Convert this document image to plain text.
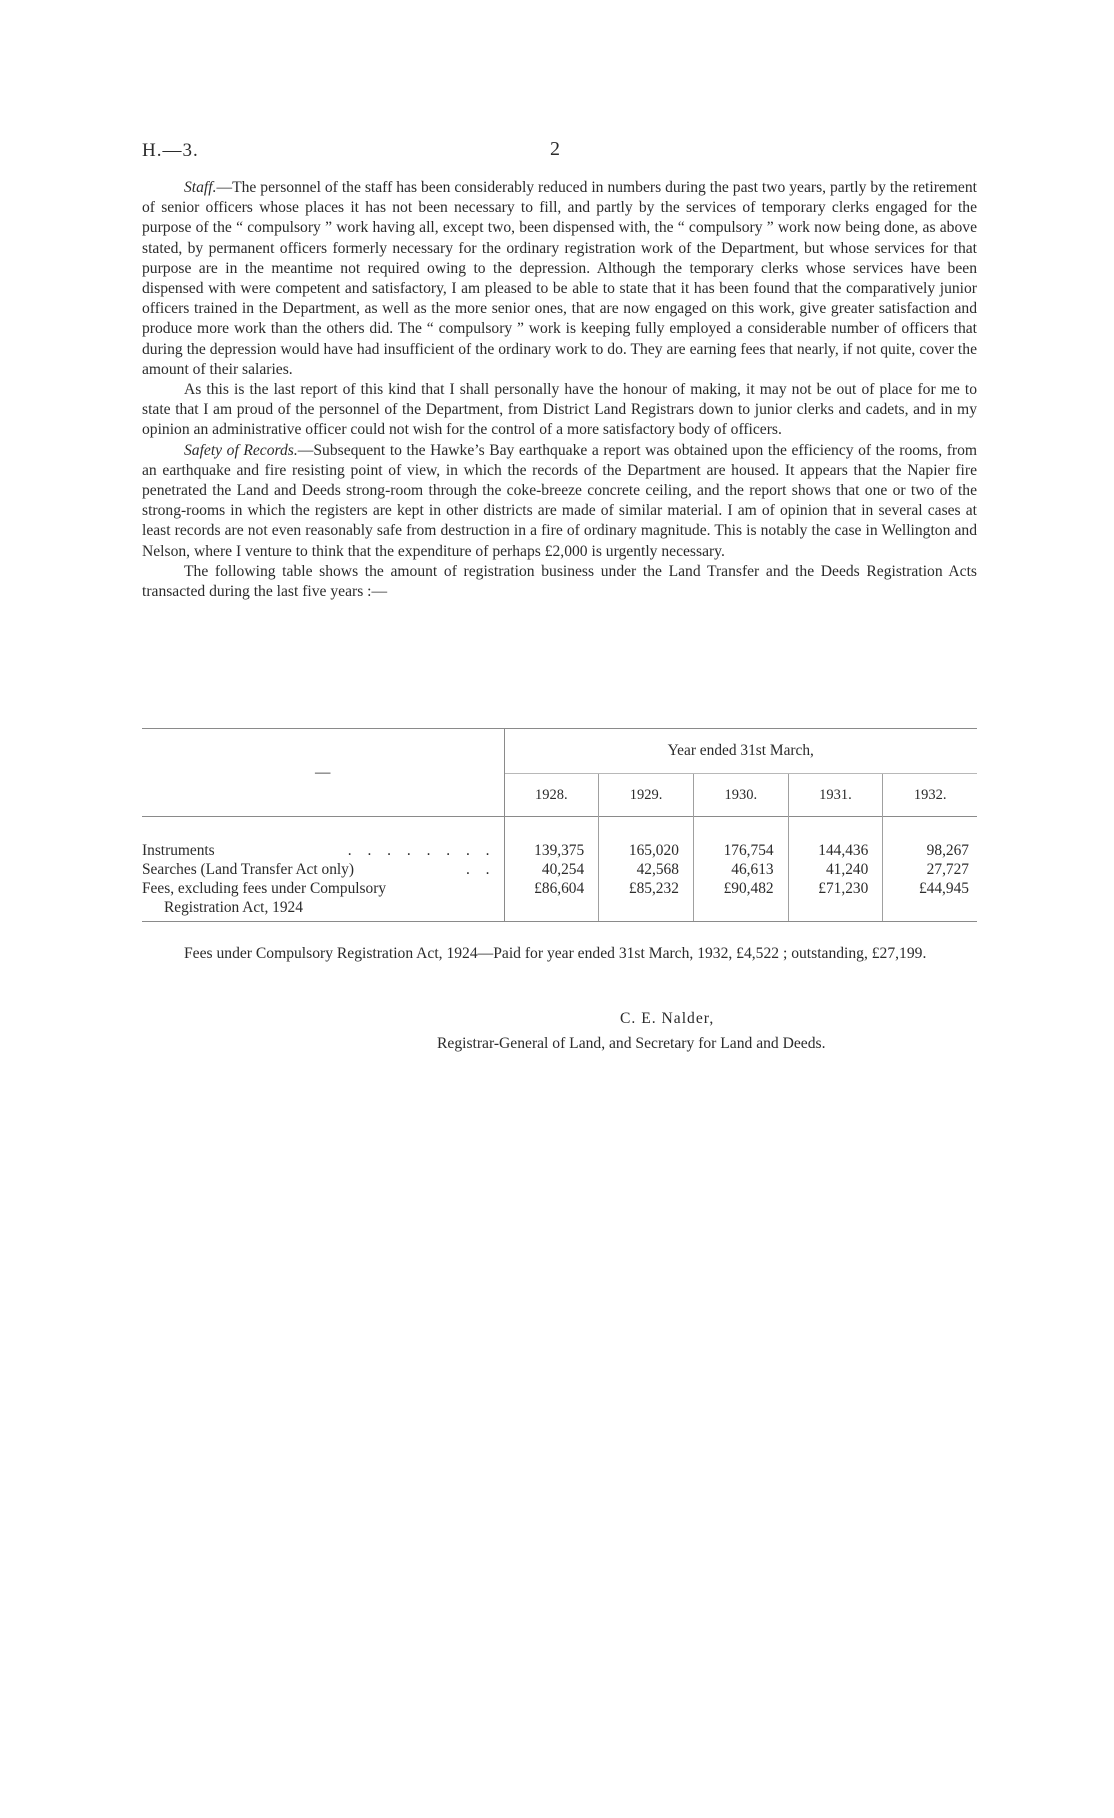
H.—3.	2

Staff.—The personnel of the staff has been considerably reduced in numbers during the past two years, partly by the retirement of senior officers whose places it has not been necessary to fill, and partly by the services of temporary clerks engaged for the purpose of the “ compulsory ” work having all, except two, been dispensed with, the “ compulsory ” work now being done, as above stated, by permanent officers formerly necessary for the ordinary registration work of the Department, but whose services for that purpose are in the meantime not required owing to the depression. Although the temporary clerks whose services have been dispensed with were competent and satisfactory, I am pleased to be able to state that it has been found that the comparatively junior officers trained in the Department, as well as the more senior ones, that are now engaged on this work, give greater satisfaction and produce more work than the others did. The “ compulsory ” work is keeping fully employed a considerable number of officers that during the depression would have had insufficient of the ordinary work to do. They are earning fees that nearly, if not quite, cover the amount of their salaries.

As this is the last report of this kind that I shall personally have the honour of making, it may not be out of place for me to state that I am proud of the personnel of the Department, from District Land Registrars down to junior clerks and cadets, and in my opinion an administrative officer could not wish for the control of a more satisfactory body of officers.

Safety of Records.—Subsequent to the Hawke’s Bay earthquake a report was obtained upon the efficiency of the rooms, from an earthquake and fire resisting point of view, in which the records of the Department are housed. It appears that the Napier fire penetrated the Land and Deeds strong-room through the coke-breeze concrete ceiling, and the report shows that one or two of the strong-rooms in which the registers are kept in other districts are made of similar material. I am of opinion that in several cases at least records are not even reasonably safe from destruction in a fire of ordinary magnitude. This is notably the case in Wellington and Nelson, where I venture to think that the expenditure of perhaps £2,000 is urgently necessary.

The following table shows the amount of registration business under the Land Transfer and the Deeds Registration Acts transacted during the last five years :—

—	Year ended 31st March,				
	1928.	1929.	1930.	1931.	1932.

. . . . . . . .
Instruments	139,375	165,020	176,754	144,436	98,267

. .
Searches (Land Transfer Act only)	40,254	42,568	46,613	41,240	27,727

Fees, excluding fees under Compulsory
Registration Act, 1924	£86,604	£85,232	£90,482	£71,230	£44,945

Fees under Compulsory Registration Act, 1924—Paid for year ended 31st March, 1932, £4,522 ; outstanding, £27,199.

C. E. Nalder,
Registrar-General of Land, and Secretary for Land and Deeds.
